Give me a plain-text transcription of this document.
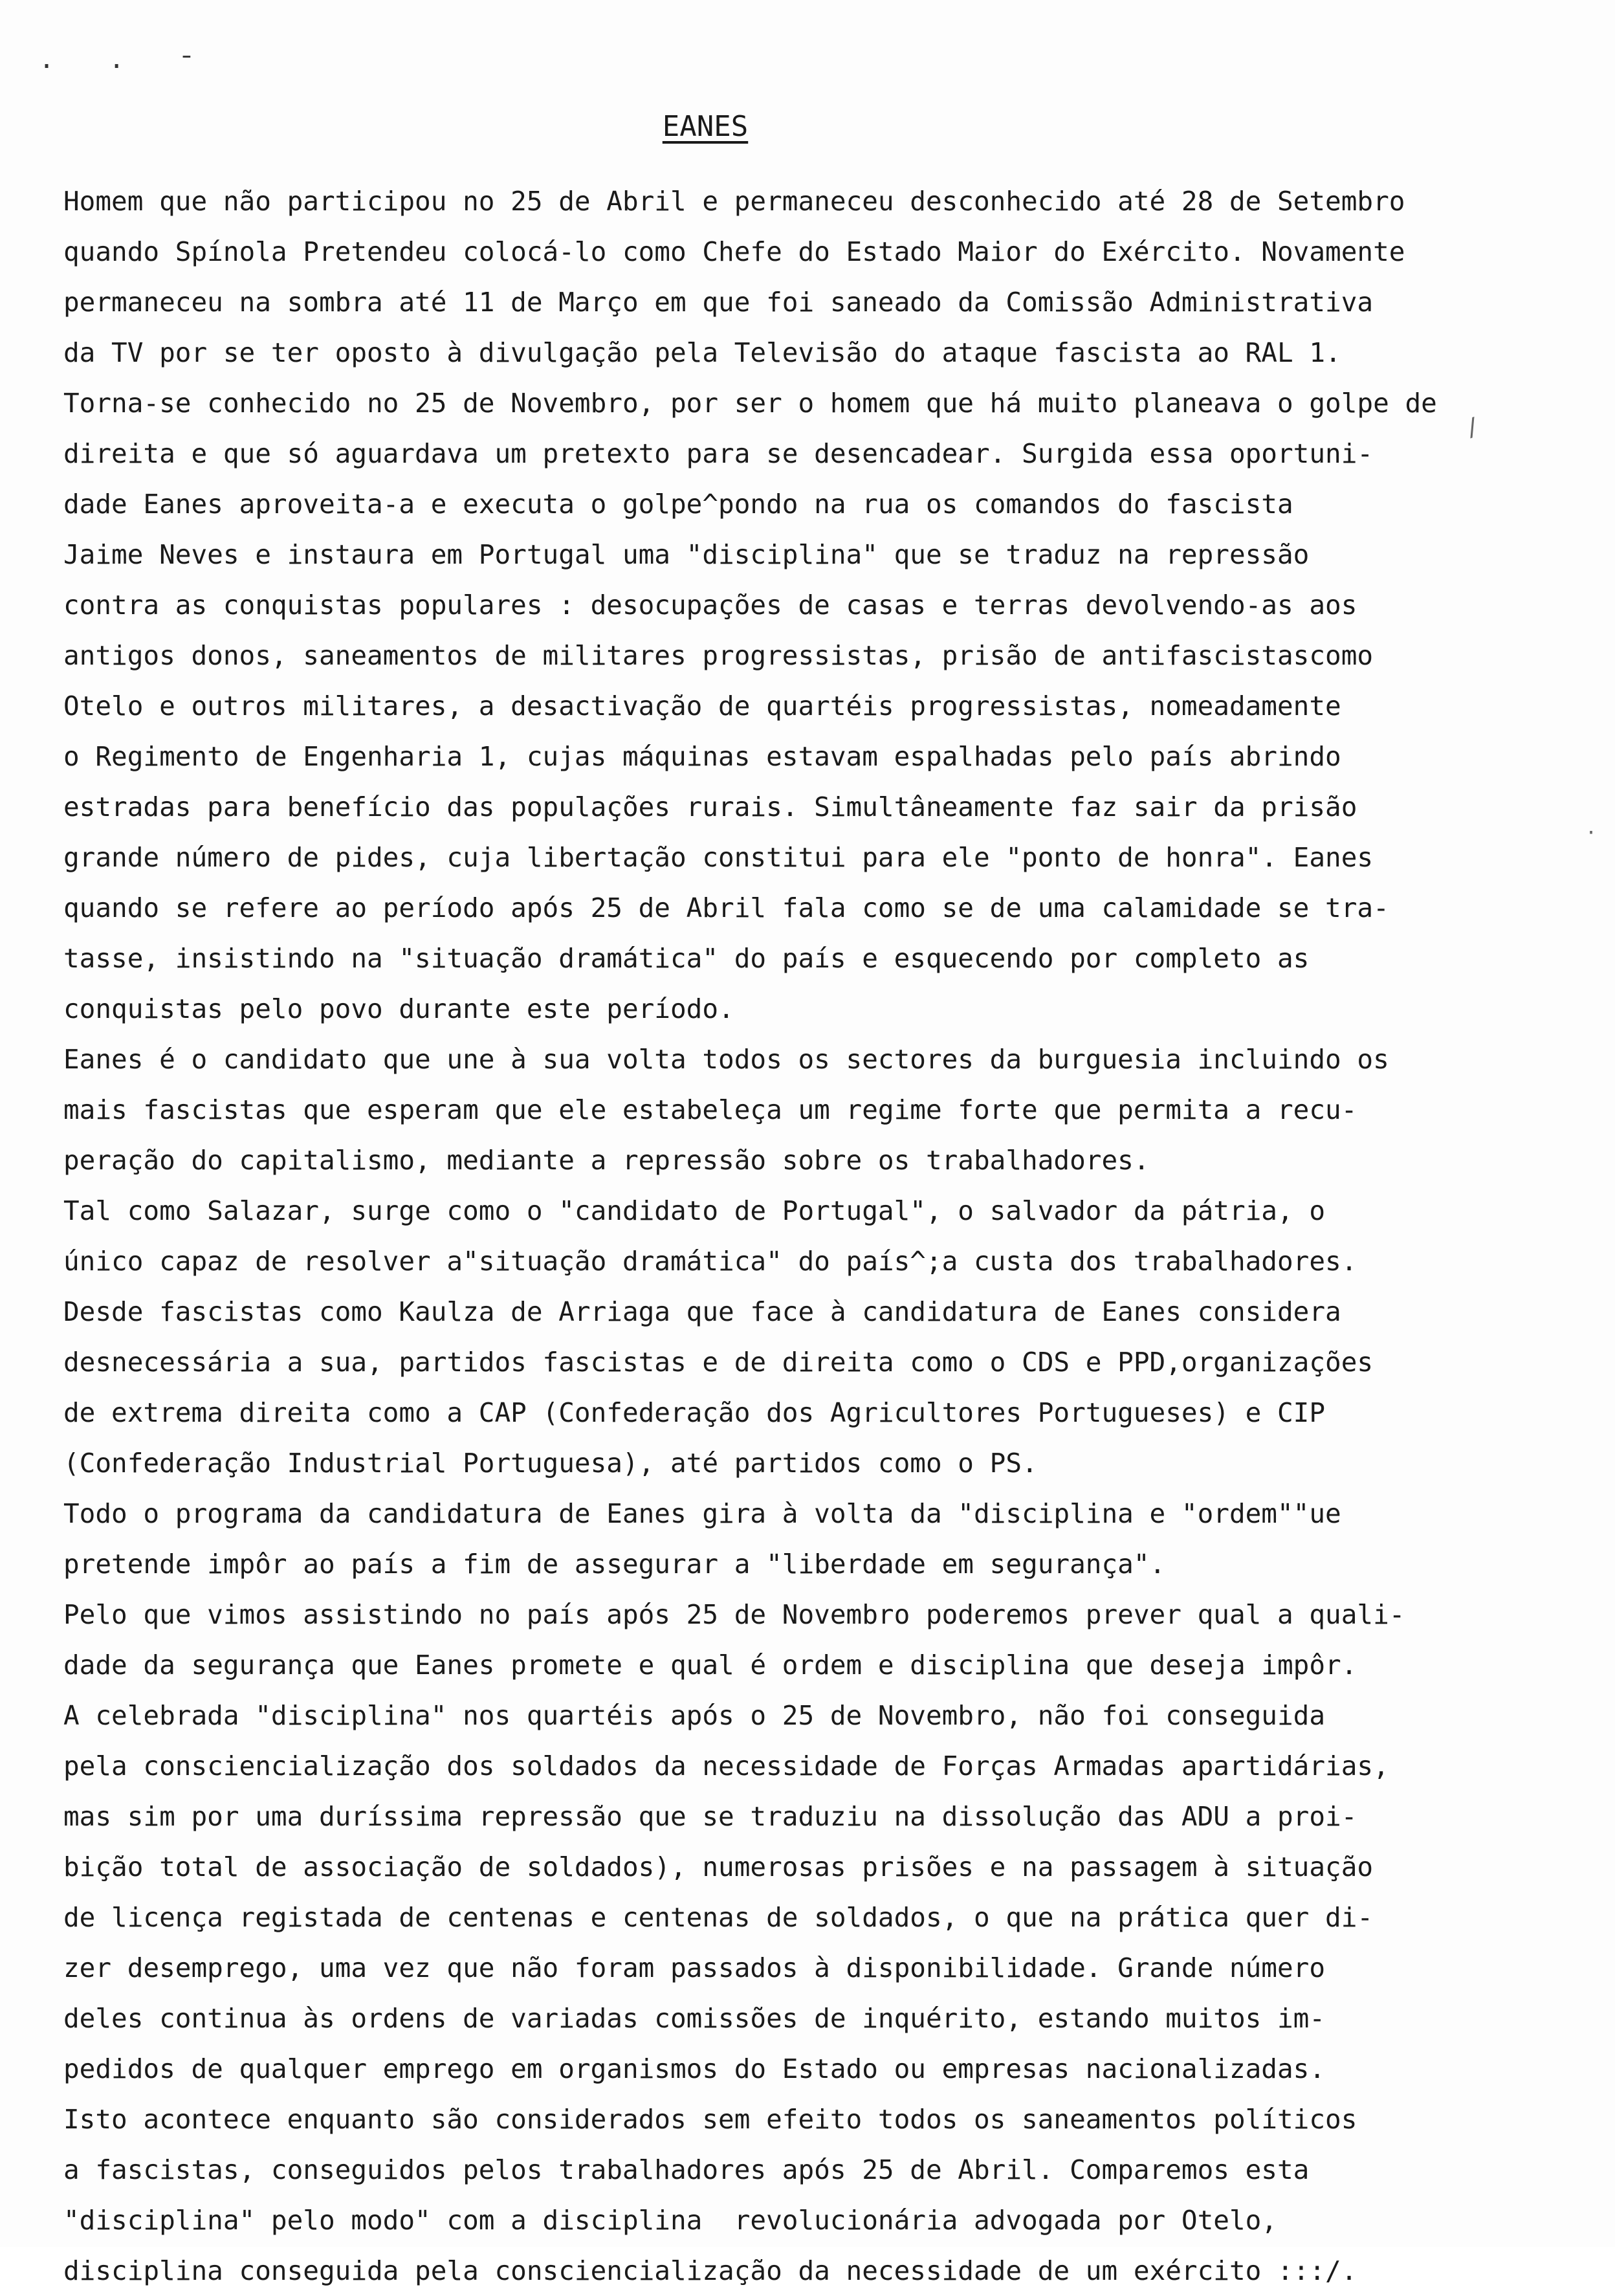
· · ˉ
/
·
EANES
Homem que não participou no 25 de Abril e permaneceu desconhecido até 28 de Setembro
quando Spínola Pretendeu colocá-lo como Chefe do Estado Maior do Exército. Novamente
permaneceu na sombra até 11 de Março em que foi saneado da Comissão Administrativa
da TV por se ter oposto à divulgação pela Televisão do ataque fascista ao RAL 1.
Torna-se conhecido no 25 de Novembro, por ser o homem que há muito planeava o golpe de
direita e que só aguardava um pretexto para se desencadear. Surgida essa oportuni-
dade Eanes aproveita-a e executa o golpe^pondo na rua os comandos do fascista
Jaime Neves e instaura em Portugal uma "disciplina" que se traduz na repressão
contra as conquistas populares : desocupações de casas e terras devolvendo-as aos
antigos donos, saneamentos de militares progressistas, prisão de antifascistascomo
Otelo e outros militares, a desactivação de quartéis progressistas, nomeadamente
o Regimento de Engenharia 1, cujas máquinas estavam espalhadas pelo país abrindo
estradas para benefício das populações rurais. Simultâneamente faz sair da prisão
grande número de pides, cuja libertação constitui para ele "ponto de honra". Eanes
quando se refere ao período após 25 de Abril fala como se de uma calamidade se tra-
tasse, insistindo na "situação dramática" do país e esquecendo por completo as
conquistas pelo povo durante este período.
Eanes é o candidato que une à sua volta todos os sectores da burguesia incluindo os
mais fascistas que esperam que ele estabeleça um regime forte que permita a recu-
peração do capitalismo, mediante a repressão sobre os trabalhadores.
Tal como Salazar, surge como o "candidato de Portugal", o salvador da pátria, o
único capaz de resolver a"situação dramática" do país^;a custa dos trabalhadores.
Desde fascistas como Kaulza de Arriaga que face à candidatura de Eanes considera
desnecessária a sua, partidos fascistas e de direita como o CDS e PPD,organizações
de extrema direita como a CAP (Confederação dos Agricultores Portugueses) e CIP
(Confederação Industrial Portuguesa), até partidos como o PS.
Todo o programa da candidatura de Eanes gira à volta da "disciplina e "ordem""ue
pretende impôr ao país a fim de assegurar a "liberdade em segurança".
Pelo que vimos assistindo no país após 25 de Novembro poderemos prever qual a quali-
dade da segurança que Eanes promete e qual é ordem e disciplina que deseja impôr.
A celebrada "disciplina" nos quartéis após o 25 de Novembro, não foi conseguida
pela consciencialização dos soldados da necessidade de Forças Armadas apartidárias,
mas sim por uma duríssima repressão que se traduziu na dissolução das ADU a proi-
bição total de associação de soldados), numerosas prisões e na passagem à situação
de licença registada de centenas e centenas de soldados, o que na prática quer di-
zer desemprego, uma vez que não foram passados à disponibilidade. Grande número
deles continua às ordens de variadas comissões de inquérito, estando muitos im-
pedidos de qualquer emprego em organismos do Estado ou empresas nacionalizadas.
Isto acontece enquanto são considerados sem efeito todos os saneamentos políticos
a fascistas, conseguidos pelos trabalhadores após 25 de Abril. Comparemos esta
"disciplina" pelo modo" com a disciplina  revolucionária advogada por Otelo,
disciplina conseguida pela consciencialização da necessidade de um exército :::/.
